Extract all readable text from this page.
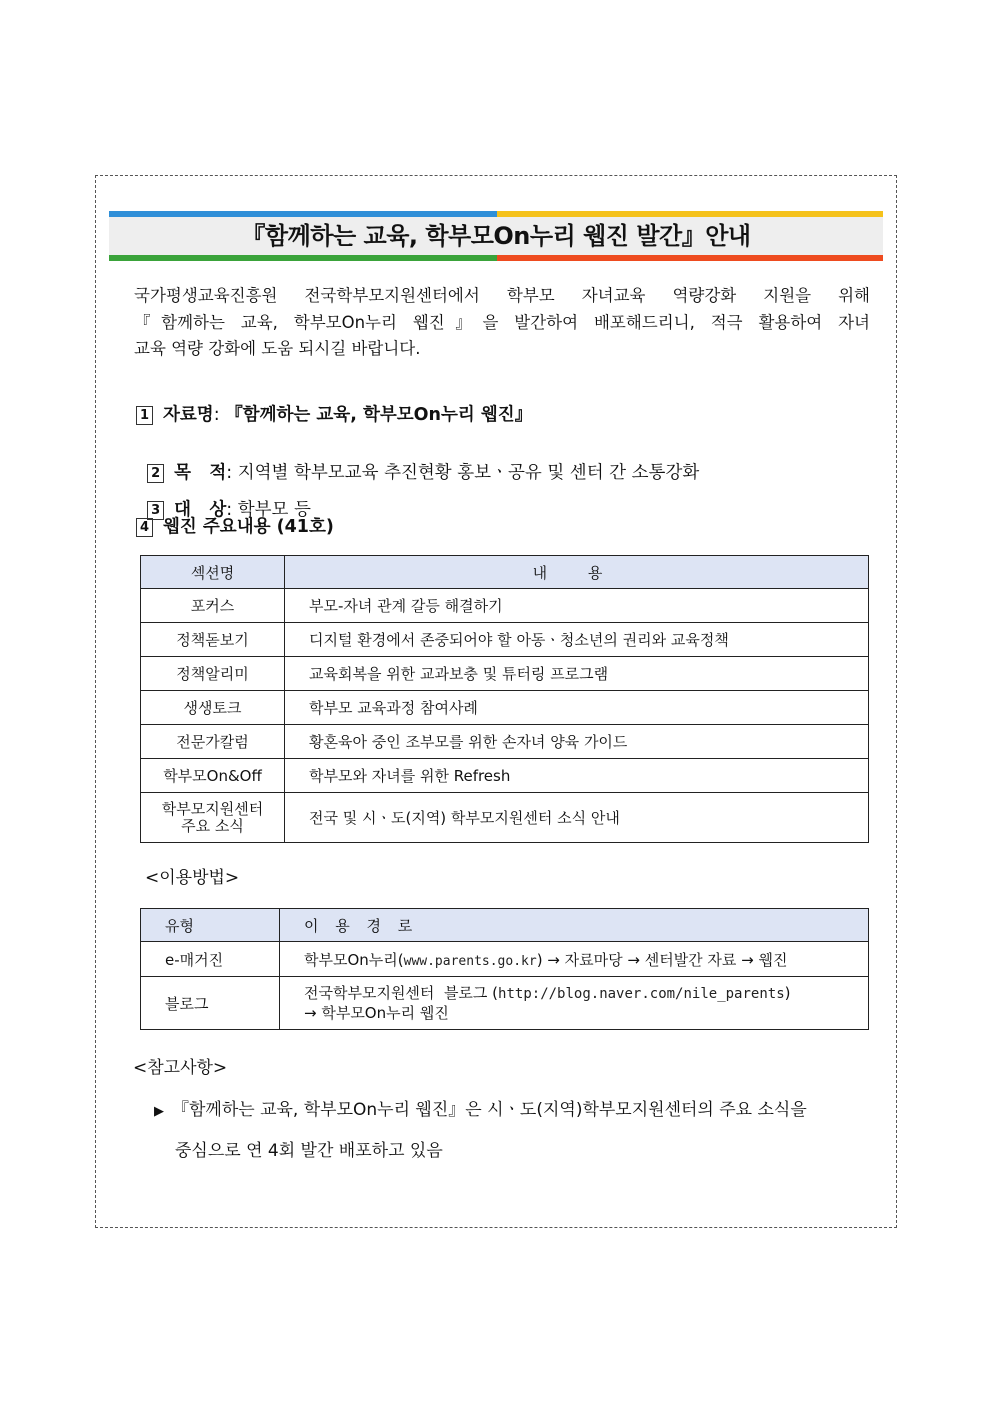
『함께하는 교육, 학부모On누리 웹진 발간』안내

국가평생교육진흥원 전국학부모지원센터에서 학부모 자녀교육 역량강화 지원을 위해

『함께하는 교육, 학부모On누리 웹진』을 발간하여 배포해드리니, 적극 활용하여 자녀

교육 역량 강화에 도움 되시길 바랍니다.

1 자료명: 『함께하는 교육, 학부모On누리 웹진』

2 목   적: 지역별 학부모교육 추진현황 홍보ㆍ공유 및 센터 간 소통강화

3 대   상: 학부모 등

4 웹진 주요내용 (41호)
섹션명	내 용
포커스	부모-자녀 관계 갈등 해결하기
정책돋보기	디지털 환경에서 존중되어야 할 아동ㆍ청소년의 권리와 교육정책
정책알리미	교육회복을 위한 교과보충 및 튜터링 프로그램
생생토크	학부모 교육과정 참여사례
전문가칼럼	황혼육아 중인 조부모를 위한 손자녀 양육 가이드
학부모On&Off	학부모와 자녀를 위한 Refresh

학부모지원센터
주요 소식	전국 및 시ㆍ도(지역) 학부모지원센터 소식 안내
<이용방법>
유형	이 용 경 로
e-매거진	학부모On누리(www.parents.go.kr) → 자료마당 → 센터발간 자료 → 웹진
블로그	전국학부모지원센터  블로그 (http://blog.naver.com/nile_parents)
→ 학부모On누리 웹진
<참고사항>
▶ 『함께하는 교육, 학부모On누리 웹진』은 시ㆍ도(지역)학부모지원센터의 주요 소식을
중심으로 연 4회 발간 배포하고 있음
